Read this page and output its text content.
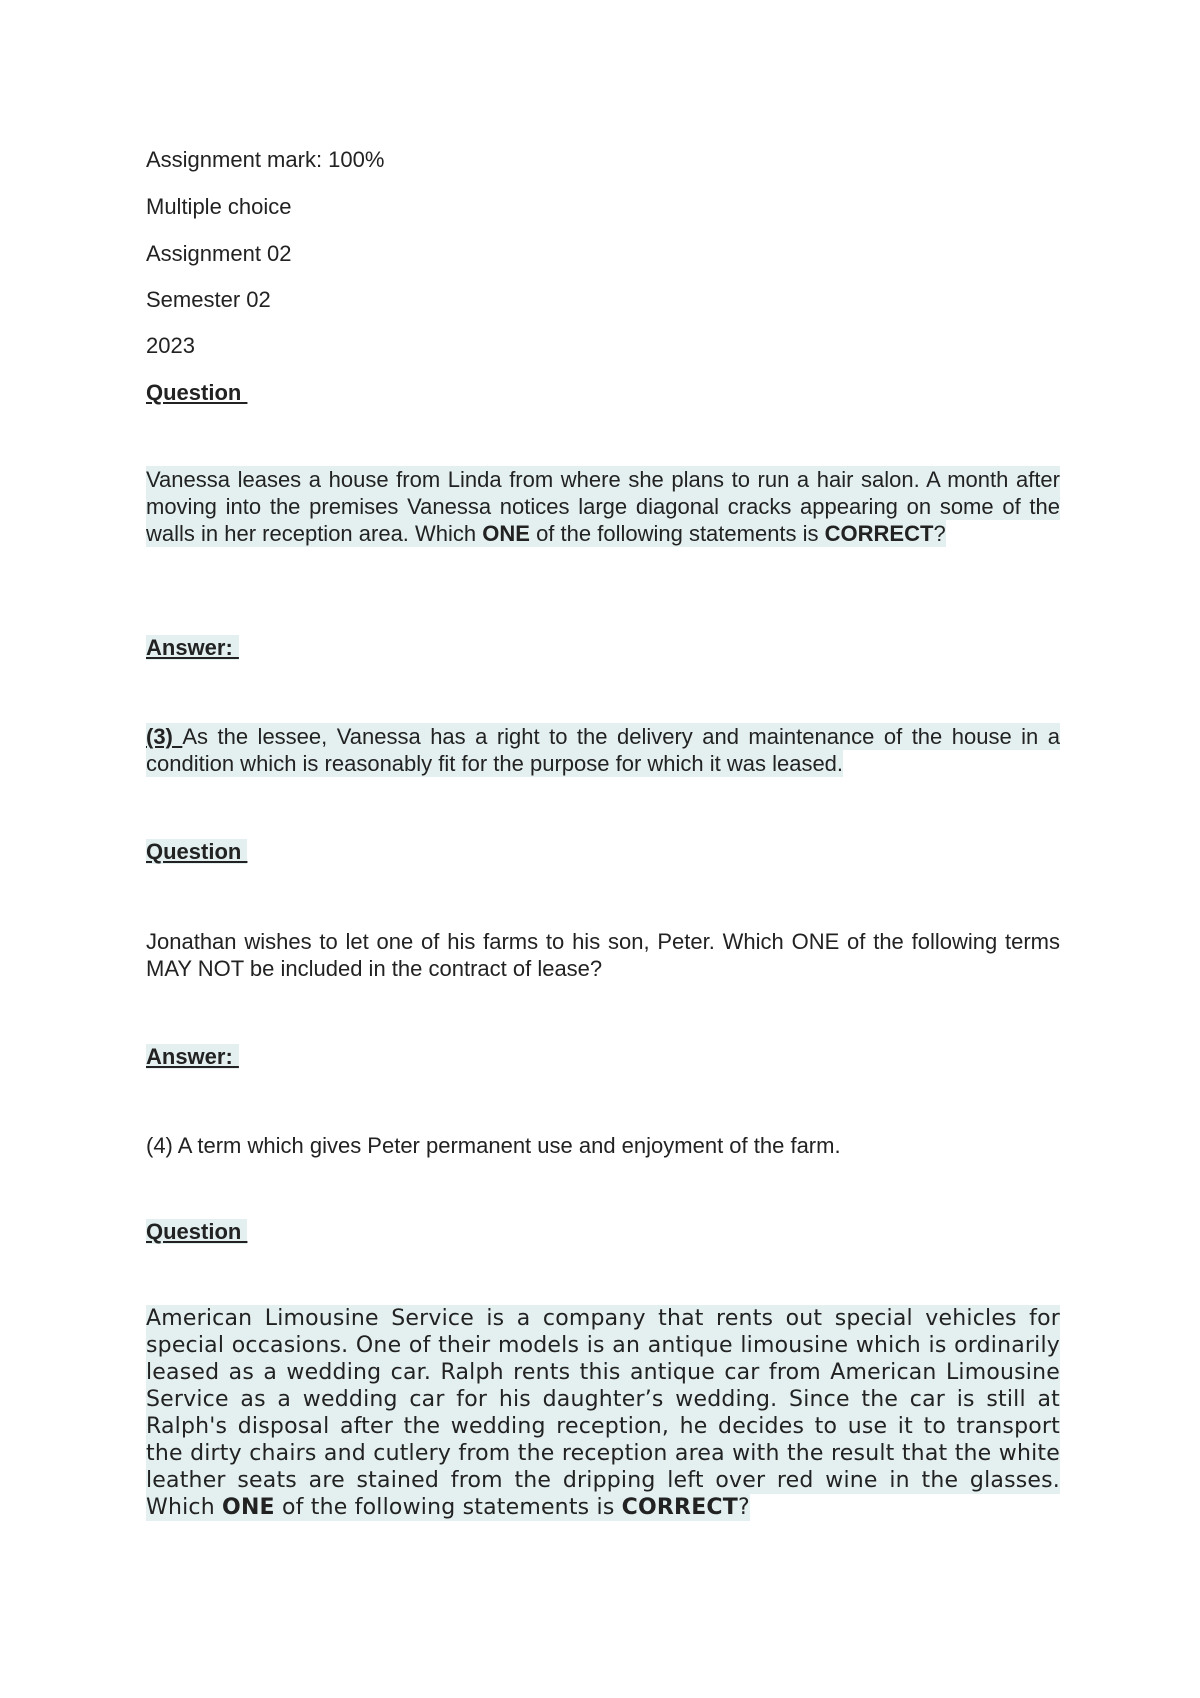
Assignment mark: 100%
Multiple choice
Assignment 02
Semester 02
2023
Question
Vanessa leases a house from Linda from where she plans to run a hair salon. A month after moving into the premises Vanessa notices large diagonal cracks appearing on some of the walls in her reception area. Which ONE of the following statements is CORRECT?
Answer:
(3) As the lessee, Vanessa has a right to the delivery and maintenance of the house in a condition which is reasonably fit for the purpose for which it was leased.
Question
Jonathan wishes to let one of his farms to his son, Peter. Which ONE of the following terms MAY NOT be included in the contract of lease?
Answer:
(4) A term which gives Peter permanent use and enjoyment of the farm.
Question
American Limousine Service is a company that rents out special vehicles for special occasions. One of their models is an antique limousine which is ordinarily leased as a wedding car. Ralph rents this antique car from American Limousine Service as a wedding car for his daughter’s wedding. Since the car is still at Ralph's disposal after the wedding reception, he decides to use it to transport the dirty chairs and cutlery from the reception area with the result that the white leather seats are stained from the dripping left over red wine in the glasses. Which ONE of the following statements is CORRECT?
